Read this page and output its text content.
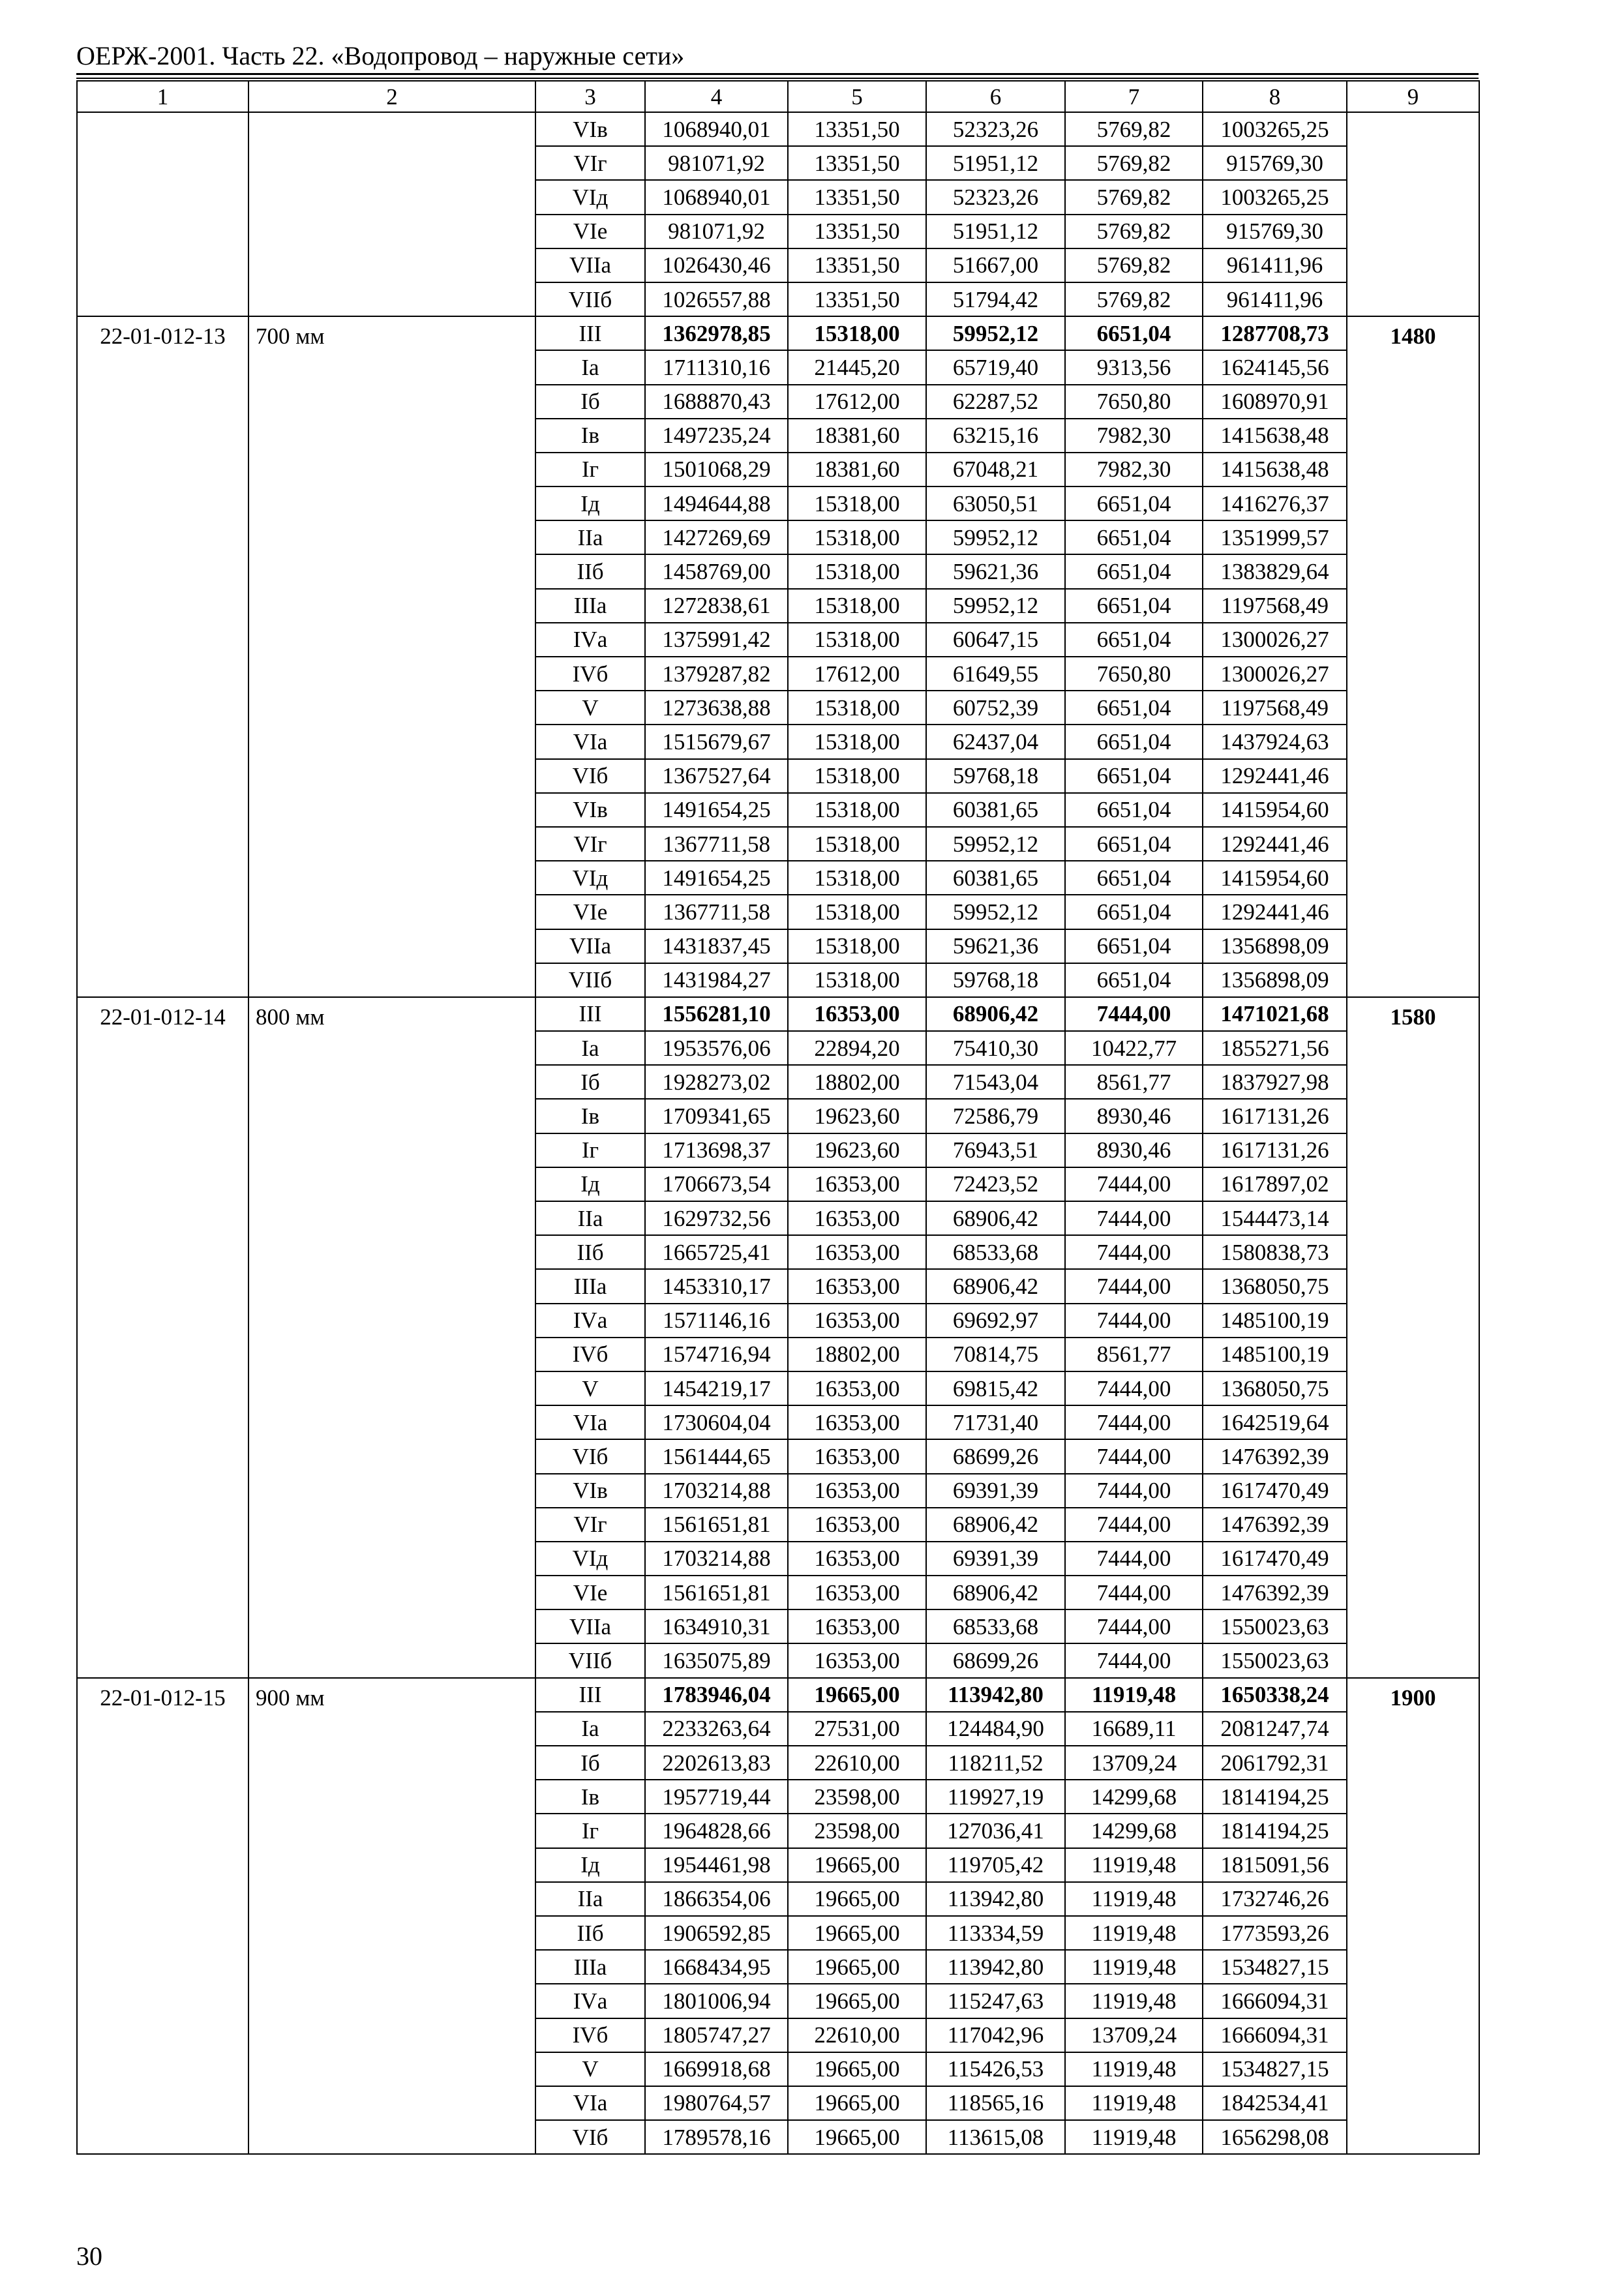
ОЕРЖ-2001. Часть 22. «Водопровод – наружные сети»
1	2	3	4	5	6	7	8	9
		VIв	1068940,01	13351,50	52323,26	5769,82	1003265,25	
		VIг	981071,92	13351,50	51951,12	5769,82	915769,30	
		VIд	1068940,01	13351,50	52323,26	5769,82	1003265,25	
		VIе	981071,92	13351,50	51951,12	5769,82	915769,30	
		VIIа	1026430,46	13351,50	51667,00	5769,82	961411,96	
		VIIб	1026557,88	13351,50	51794,42	5769,82	961411,96	
22-01-012-13	700 мм	III	1362978,85	15318,00	59952,12	6651,04	1287708,73	1480
		Iа	1711310,16	21445,20	65719,40	9313,56	1624145,56	
		Iб	1688870,43	17612,00	62287,52	7650,80	1608970,91	
		Iв	1497235,24	18381,60	63215,16	7982,30	1415638,48	
		Iг	1501068,29	18381,60	67048,21	7982,30	1415638,48	
		Iд	1494644,88	15318,00	63050,51	6651,04	1416276,37	
		IIа	1427269,69	15318,00	59952,12	6651,04	1351999,57	
		IIб	1458769,00	15318,00	59621,36	6651,04	1383829,64	
		IIIа	1272838,61	15318,00	59952,12	6651,04	1197568,49	
		IVа	1375991,42	15318,00	60647,15	6651,04	1300026,27	
		IVб	1379287,82	17612,00	61649,55	7650,80	1300026,27	
		V	1273638,88	15318,00	60752,39	6651,04	1197568,49	
		VIа	1515679,67	15318,00	62437,04	6651,04	1437924,63	
		VIб	1367527,64	15318,00	59768,18	6651,04	1292441,46	
		VIв	1491654,25	15318,00	60381,65	6651,04	1415954,60	
		VIг	1367711,58	15318,00	59952,12	6651,04	1292441,46	
		VIд	1491654,25	15318,00	60381,65	6651,04	1415954,60	
		VIе	1367711,58	15318,00	59952,12	6651,04	1292441,46	
		VIIа	1431837,45	15318,00	59621,36	6651,04	1356898,09	
		VIIб	1431984,27	15318,00	59768,18	6651,04	1356898,09	
22-01-012-14	800 мм	III	1556281,10	16353,00	68906,42	7444,00	1471021,68	1580
		Iа	1953576,06	22894,20	75410,30	10422,77	1855271,56	
		Iб	1928273,02	18802,00	71543,04	8561,77	1837927,98	
		Iв	1709341,65	19623,60	72586,79	8930,46	1617131,26	
		Iг	1713698,37	19623,60	76943,51	8930,46	1617131,26	
		Iд	1706673,54	16353,00	72423,52	7444,00	1617897,02	
		IIа	1629732,56	16353,00	68906,42	7444,00	1544473,14	
		IIб	1665725,41	16353,00	68533,68	7444,00	1580838,73	
		IIIа	1453310,17	16353,00	68906,42	7444,00	1368050,75	
		IVа	1571146,16	16353,00	69692,97	7444,00	1485100,19	
		IVб	1574716,94	18802,00	70814,75	8561,77	1485100,19	
		V	1454219,17	16353,00	69815,42	7444,00	1368050,75	
		VIа	1730604,04	16353,00	71731,40	7444,00	1642519,64	
		VIб	1561444,65	16353,00	68699,26	7444,00	1476392,39	
		VIв	1703214,88	16353,00	69391,39	7444,00	1617470,49	
		VIг	1561651,81	16353,00	68906,42	7444,00	1476392,39	
		VIд	1703214,88	16353,00	69391,39	7444,00	1617470,49	
		VIе	1561651,81	16353,00	68906,42	7444,00	1476392,39	
		VIIа	1634910,31	16353,00	68533,68	7444,00	1550023,63	
		VIIб	1635075,89	16353,00	68699,26	7444,00	1550023,63	
22-01-012-15	900 мм	III	1783946,04	19665,00	113942,80	11919,48	1650338,24	1900
		Iа	2233263,64	27531,00	124484,90	16689,11	2081247,74	
		Iб	2202613,83	22610,00	118211,52	13709,24	2061792,31	
		Iв	1957719,44	23598,00	119927,19	14299,68	1814194,25	
		Iг	1964828,66	23598,00	127036,41	14299,68	1814194,25	
		Iд	1954461,98	19665,00	119705,42	11919,48	1815091,56	
		IIа	1866354,06	19665,00	113942,80	11919,48	1732746,26	
		IIб	1906592,85	19665,00	113334,59	11919,48	1773593,26	
		IIIа	1668434,95	19665,00	113942,80	11919,48	1534827,15	
		IVа	1801006,94	19665,00	115247,63	11919,48	1666094,31	
		IVб	1805747,27	22610,00	117042,96	13709,24	1666094,31	
		V	1669918,68	19665,00	115426,53	11919,48	1534827,15	
		VIа	1980764,57	19665,00	118565,16	11919,48	1842534,41	
		VIб	1789578,16	19665,00	113615,08	11919,48	1656298,08	
30
